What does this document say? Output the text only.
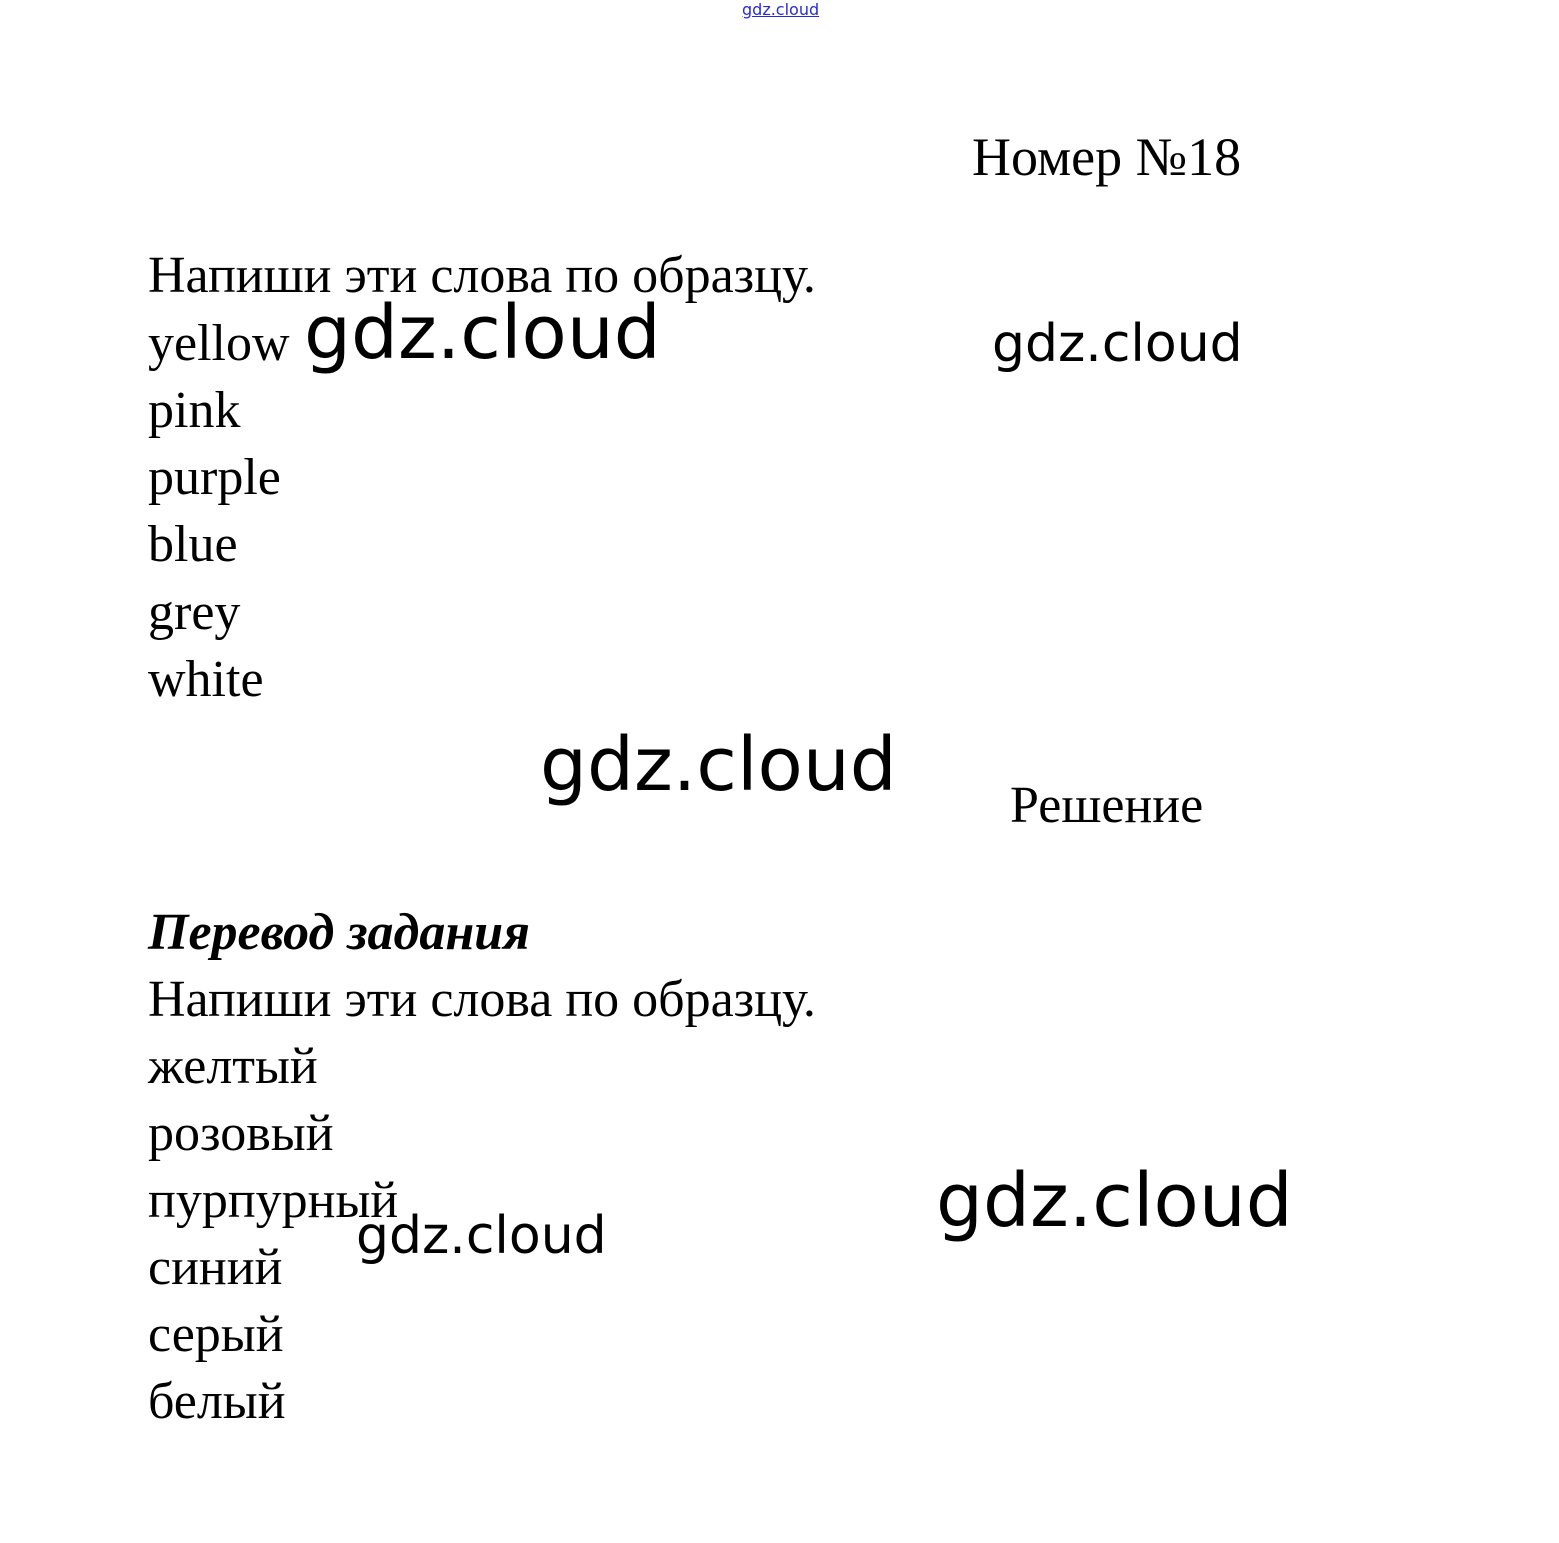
gdz.cloud

Номер №18

Напиши эти слова по образцу.

yellow

pink

purple

blue

grey

white

Решение

Перевод задания

Напиши эти слова по образцу.

желтый

розовый

пурпурный

синий

серый

белый

gdz.cloud	gdz.cloud

gdz.cloud

gdz.cloud

gdz.cloud
